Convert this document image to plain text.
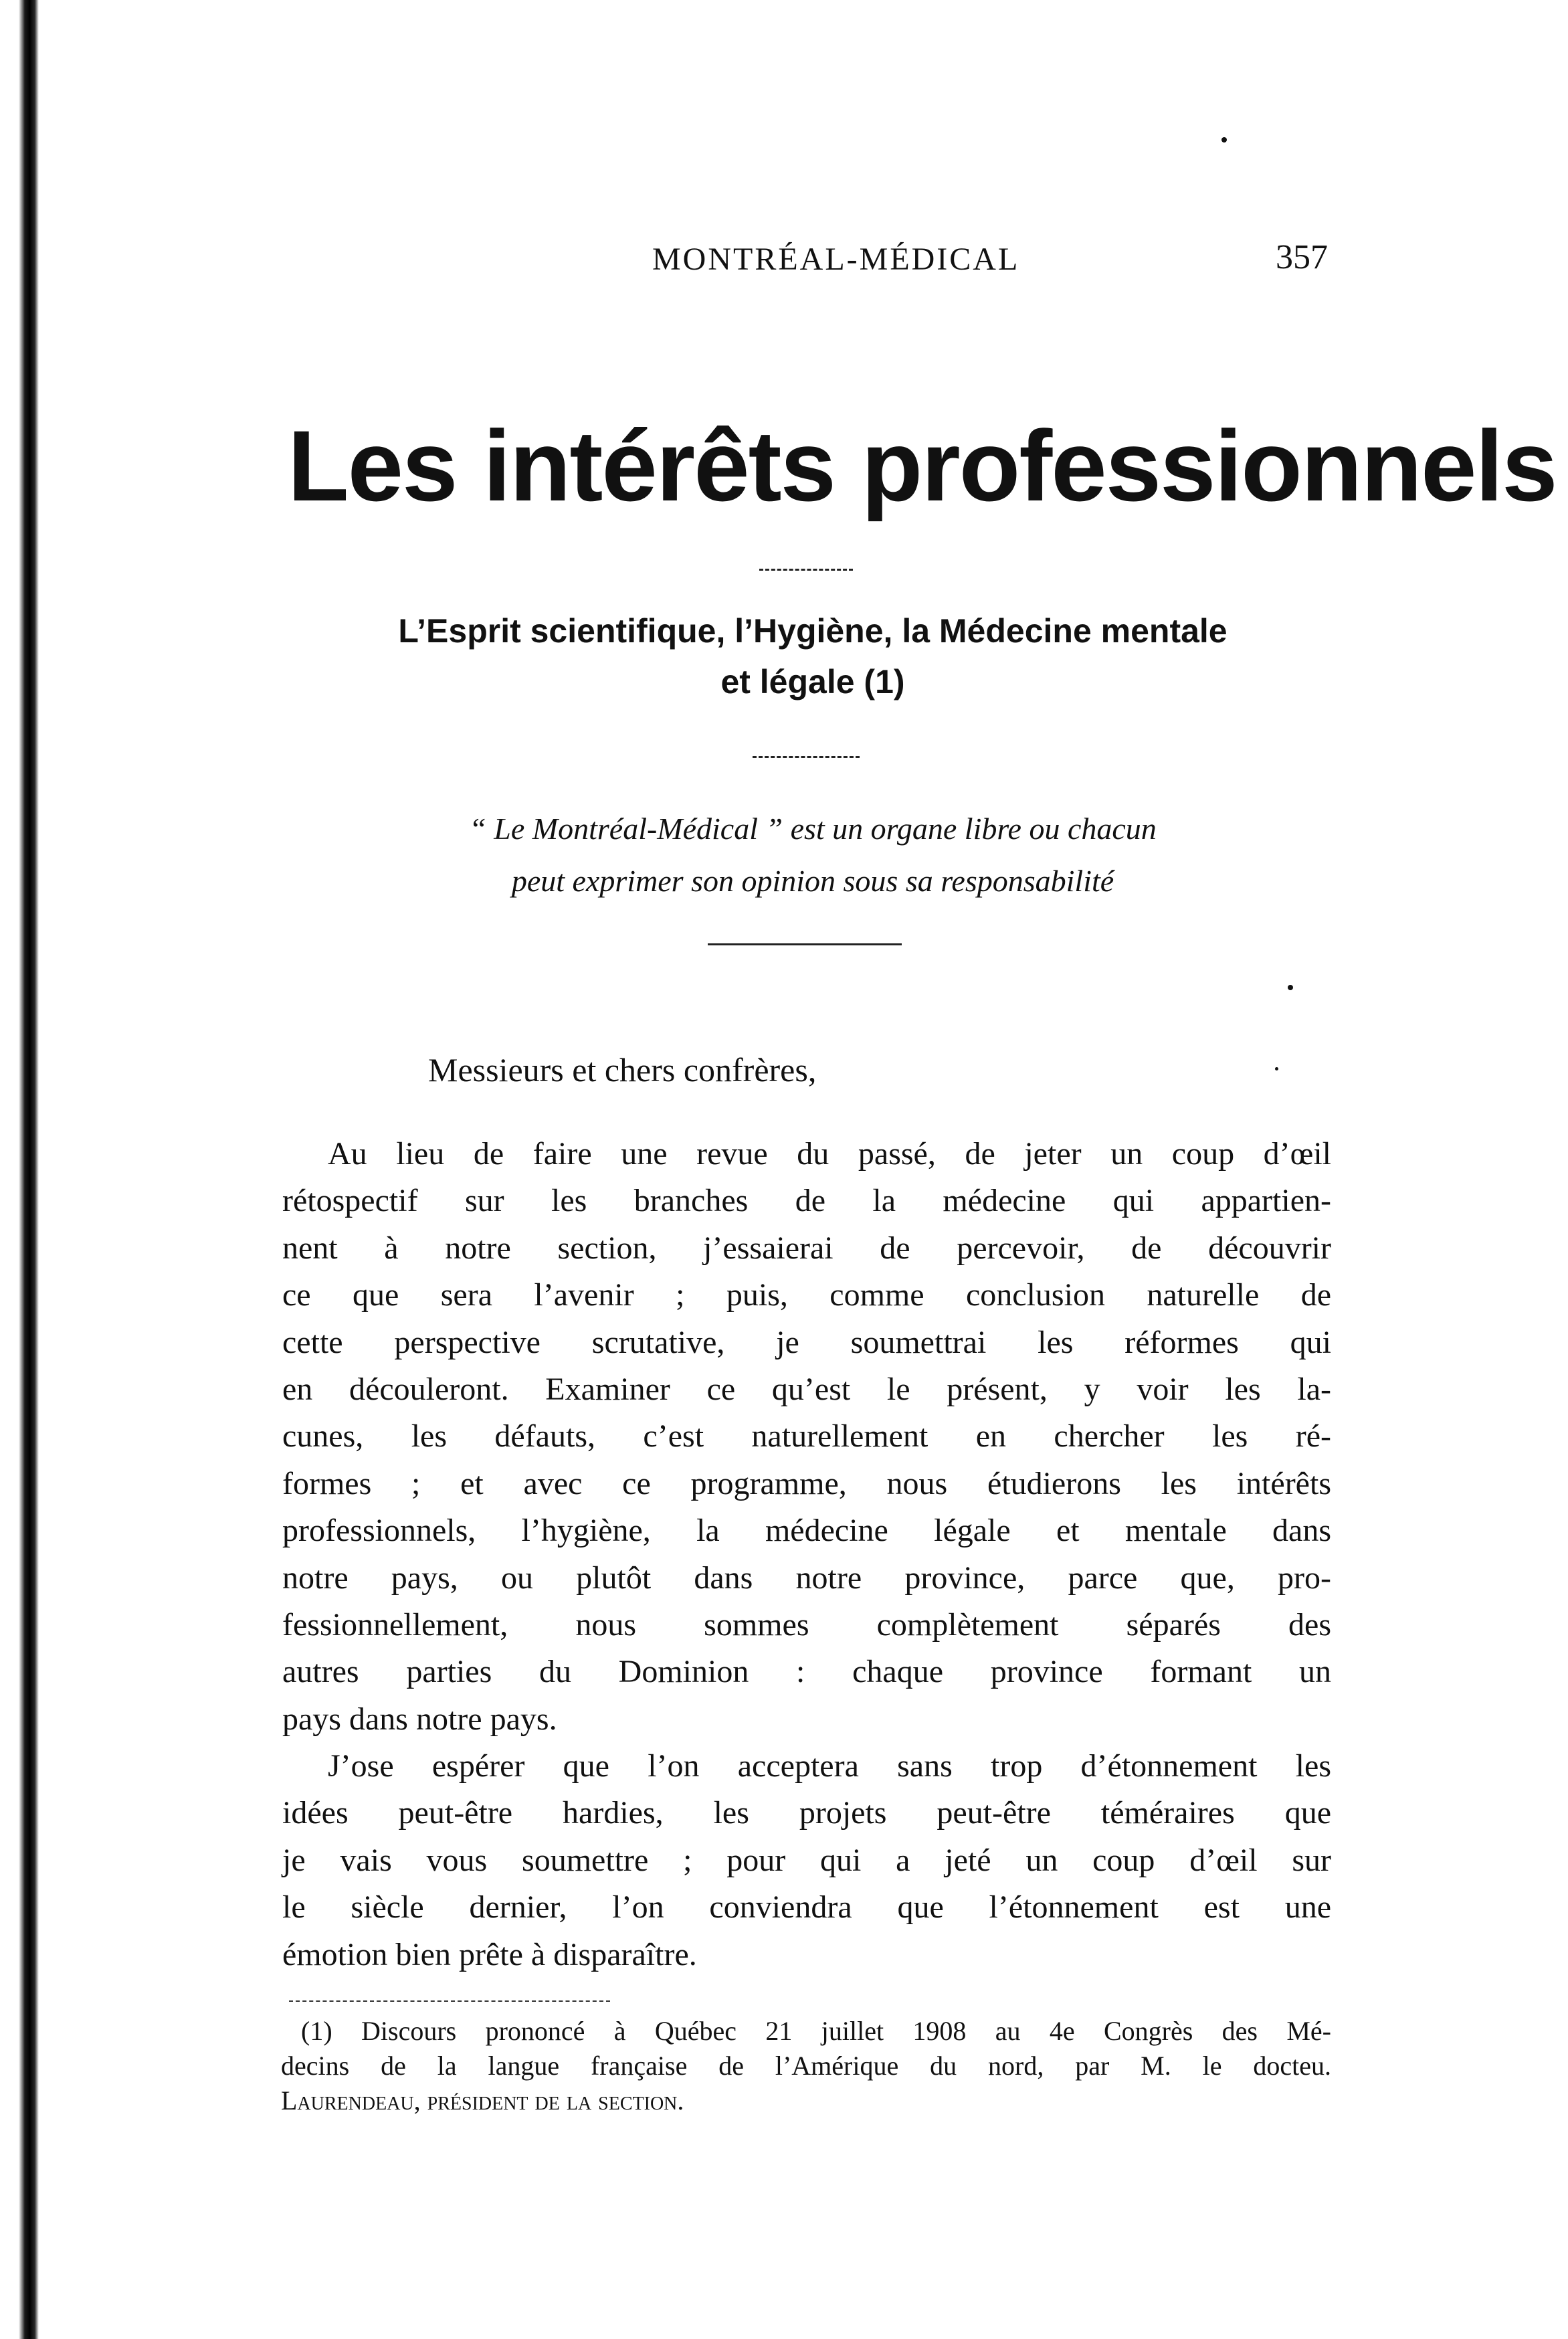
MONTRÉAL-MÉDICAL	357
Les intérêts professionnels
L’Esprit scientifique, l’Hygiène, la Médecine mentale
et légale (1)
“ Le Montréal-Médical ” est un organe libre ou chacun
peut exprimer son opinion sous sa responsabilité
Messieurs et chers confrères,
Au lieu de faire une revue du passé, de jeter un coup d’œil
rétospectif sur les branches de la médecine qui appartien-
nent à notre section, j’essaierai de percevoir, de découvrir
ce que sera l’avenir ; puis, comme conclusion naturelle de
cette perspective scrutative, je soumettrai les réformes qui
en découleront. Examiner ce qu’est le présent, y voir les la-
cunes, les défauts, c’est naturellement en chercher les ré-
formes ; et avec ce programme, nous étudierons les intérêts
professionnels, l’hygiène, la médecine légale et mentale dans
notre pays, ou plutôt dans notre province, parce que, pro-
fessionnellement, nous sommes complètement séparés des
autres parties du Dominion : chaque province formant un
pays dans notre pays.
J’ose espérer que l’on acceptera sans trop d’étonnement les
idées peut-être hardies, les projets peut-être téméraires que
je vais vous soumettre ; pour qui a jeté un coup d’œil sur
le siècle dernier, l’on conviendra que l’étonnement est une
émotion bien prête à disparaître.
(1) Discours prononcé à Québec 21 juillet 1908 au 4e Congrès des Mé-
decins de la langue française de l’Amérique du nord, par M. le docteu.
Laurendeau, président de la section.
